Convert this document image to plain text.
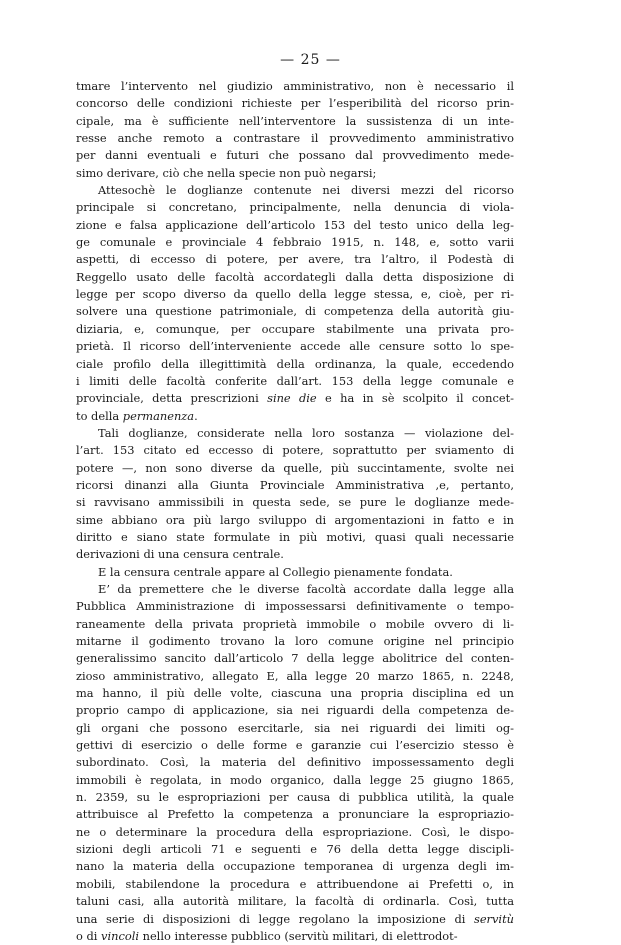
— 25 —
tmare l’intervento nel giudizio amministrativo, non è necessario il
concorso delle condizioni richieste per l’esperibilità del ricorso prin-
cipale, ma è sufficiente nell’interventore la sussistenza di un inte-
resse anche remoto a contrastare il provvedimento amministrativo
per danni eventuali e futuri che possano dal provvedimento mede-
simo derivare, ciò che nella specie non può negarsi;
Attesochè le doglianze contenute nei diversi mezzi del ricorso
principale si concretano, principalmente, nella denuncia di viola-
zione e falsa applicazione dell’articolo 153 del testo unico della leg-
ge comunale e provinciale 4 febbraio 1915, n. 148, e, sotto varii
aspetti, di eccesso di potere, per avere, tra l’altro, il Podestà di
Reggello usato delle facoltà accordategli dalla detta disposizione di
legge per scopo diverso da quello della legge stessa, e, cioè, per ri-
solvere una questione patrimoniale, di competenza della autorità giu-
diziaria, e, comunque, per occupare stabilmente una privata pro-
prietà. Il ricorso dell’interveniente accede alle censure sotto lo spe-
ciale profilo della illegittimità della ordinanza, la quale, eccedendo
i limiti delle facoltà conferite dall’art. 153 della legge comunale e
provinciale, detta prescrizioni sine die e ha in sè scolpito il concet-
to della permanenza.
Tali doglianze, considerate nella loro sostanza — violazione del-
l’art. 153 citato ed eccesso di potere, soprattutto per sviamento di
potere —, non sono diverse da quelle, più succintamente, svolte nei
ricorsi dinanzi alla Giunta Provinciale Amministrativa ,e, pertanto,
si ravvisano ammissibili in questa sede, se pure le doglianze mede-
sime abbiano ora più largo sviluppo di argomentazioni in fatto e in
diritto e siano state formulate in più motivi, quasi quali necessarie
derivazioni di una censura centrale.
E la censura centrale appare al Collegio pienamente fondata.
E’ da premettere che le diverse facoltà accordate dalla legge alla
Pubblica Amministrazione di impossessarsi definitivamente o tempo-
raneamente della privata proprietà immobile o mobile ovvero di li-
mitarne il godimento trovano la loro comune origine nel principio
generalissimo sancito dall’articolo 7 della legge abolitrice del conten-
zioso amministrativo, allegato E, alla legge 20 marzo 1865, n. 2248,
ma hanno, il più delle volte, ciascuna una propria disciplina ed un
proprio campo di applicazione, sia nei riguardi della competenza de-
gli organi che possono esercitarle, sia nei riguardi dei limiti og-
gettivi di esercizio o delle forme e garanzie cui l’esercizio stesso è
subordinato. Così, la materia del definitivo impossessamento degli
immobili è regolata, in modo organico, dalla legge 25 giugno 1865,
n. 2359, su le espropriazioni per causa di pubblica utilità, la quale
attribuisce al Prefetto la competenza a pronunciare la espropriazio-
ne o determinare la procedura della espropriazione. Così, le dispo-
sizioni degli articoli 71 e seguenti e 76 della detta legge discipli-
nano la materia della occupazione temporanea di urgenza degli im-
mobili, stabilendone la procedura e attribuendone ai Prefetti o, in
taluni casi, alla autorità militare, la facoltà di ordinarla. Così, tutta
una serie di disposizioni di legge regolano la imposizione di servitù
o di vincoli nello interesse pubblico (servitù militari, di elettrodot-
